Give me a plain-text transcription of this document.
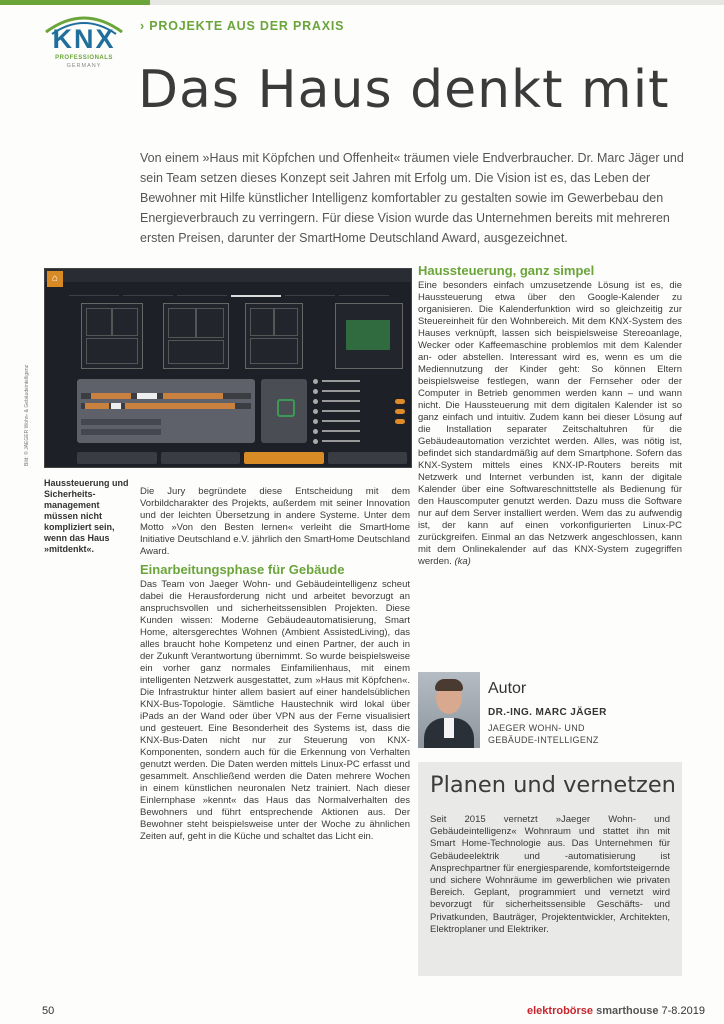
KNX
PROFESSIONALS
GERMANY
› PROJEKTE AUS DER PRAXIS
Das Haus denkt mit

Von einem »Haus mit Köpfchen und Offenheit« träumen viele Endverbraucher. Dr. Marc Jäger und sein Team setzen dieses Konzept seit Jahren mit Erfolg um. Die Vision ist es, das Leben der Bewohner mit Hilfe künstlicher Intelligenz komfortabler zu gestalten sowie im Gewerbebau den Energieverbrauch zu verringern. Für diese Vision wurde das Unternehmen bereits mit mehreren ersten Preisen, darunter der SmartHome Deutschland Award, ausgezeichnet.

⌂
Bild: © JAEGER Wohn- & Gebäudeintelligenz
Haussteuerung und Sicherheits-management müssen nicht kompliziert sein, wenn das Haus »mitdenkt«.

Die Jury begründete diese Entscheidung mit dem Vorbildcharakter des Projekts, außerdem mit seiner Innovation und der leichten Übersetzung in andere Systeme. Unter dem Motto »Von den Besten lernen« verleiht die SmartHome Initiative Deutschland e.V. jährlich den SmartHome Deutschland Award.

Einarbeitungsphase für Gebäude

Das Team von Jaeger Wohn- und Gebäudeintelligenz scheut dabei die Herausforderung nicht und arbeitet bevorzugt an anspruchsvollen und sicherheitssensiblen Projekten. Diese Kunden wissen: Moderne Gebäudeautomatisierung, Smart Home, altersgerechtes Wohnen (Ambient AssistedLiving), das alles braucht hohe Kompetenz und einen Partner, der auch in der Zukunft Verantwortung übernimmt. So wurde beispielsweise ein vorher ganz normales Einfamilienhaus, mit einem intelligenten Netzwerk ausgestattet, zum »Haus mit Köpfchen«. Die Infrastruktur hinter allem basiert auf einer handelsüblichen KNX-Bus-Topologie. Sämtliche Haustechnik wird lokal über iPads an der Wand oder über VPN aus der Ferne visualisiert und gesteuert. Eine Besonderheit des Systems ist, dass die KNX-Bus-Daten nicht nur zur Steuerung von KNX-Komponenten, sondern auch für die Erkennung von Verhalten genutzt werden. Die Daten werden mittels Linux-PC erfasst und gesammelt. Anschließend werden die Daten mehrere Wochen in einem künstlichen neuronalen Netz trainiert. Nach dieser Einlernphase »kennt« das Haus das Normalverhalten des Bewohners und führt entsprechende Aktionen aus. Der Bewohner steht beispielsweise unter der Woche zu ähnlichen Zeiten auf, geht in die Küche und schaltet das Licht ein.

Haussteuerung, ganz simpel

Eine besonders einfach umzusetzende Lösung ist es, die Haussteuerung etwa über den Google-Kalender zu organisieren. Die Kalenderfunktion wird so gleichzeitig zur Steuereinheit für den Wohnbereich. Mit dem KNX-System des Hauses verknüpft, lassen sich beispielsweise Stereoanlage, Wecker oder Kaffeemaschine problemlos mit dem Kalender an- oder abstellen. Interessant wird es, wenn es um die Mediennutzung der Kinder geht: So können Eltern beispielsweise festlegen, wann der Fernseher oder der Computer in Betrieb genommen werden kann – und wann nicht. Die Haussteuerung mit dem digitalen Kalender ist so ganz einfach und intuitiv. Zudem kann bei dieser Lösung auf die Installation separater Zeitschaltuhren für die Gebäudeautomation verzichtet werden. Alles, was nötig ist, befindet sich standardmäßig auf dem Smartphone. Sofern das KNX-System mittels eines KNX-IP-Routers bereits mit Netzwerk und Internet verbunden ist, kann der digitale Kalender über eine Softwareschnittstelle als Bedienung für den Hauscomputer genutzt werden. Dazu muss die Software nur auf dem Server installiert werden. Wem das zu aufwendig ist, der kann auf einen vorkonfigurierten Linux-PC zurückgreifen. Einmal an das Netzwerk angeschlossen, kann mit dem Onlinekalender auf das KNX-System zugegriffen werden. (ka)

Autor
DR.-ING. MARC JÄGER
JAEGER WOHN- UND GEBÄUDE-INTELLIGENZ
Planen und vernetzen

Seit 2015 vernetzt »Jaeger Wohn- und Gebäudeintelligenz« Wohnraum und stattet ihn mit Smart Home-Technologie aus. Das Unternehmen für Gebäudeelektrik und -automatisierung ist Ansprechpartner für energiesparende, komfortsteigernde und sichere Wohnräume im gewerblichen wie privaten Bereich. Geplant, programmiert und vernetzt wird bevorzugt für sicherheitssensible Geschäfts- und Privatkunden, Bauträger, Projektentwickler, Architekten, Elektroplaner und Elektriker.

50	elektrobörse smarthouse 7-8.2019
